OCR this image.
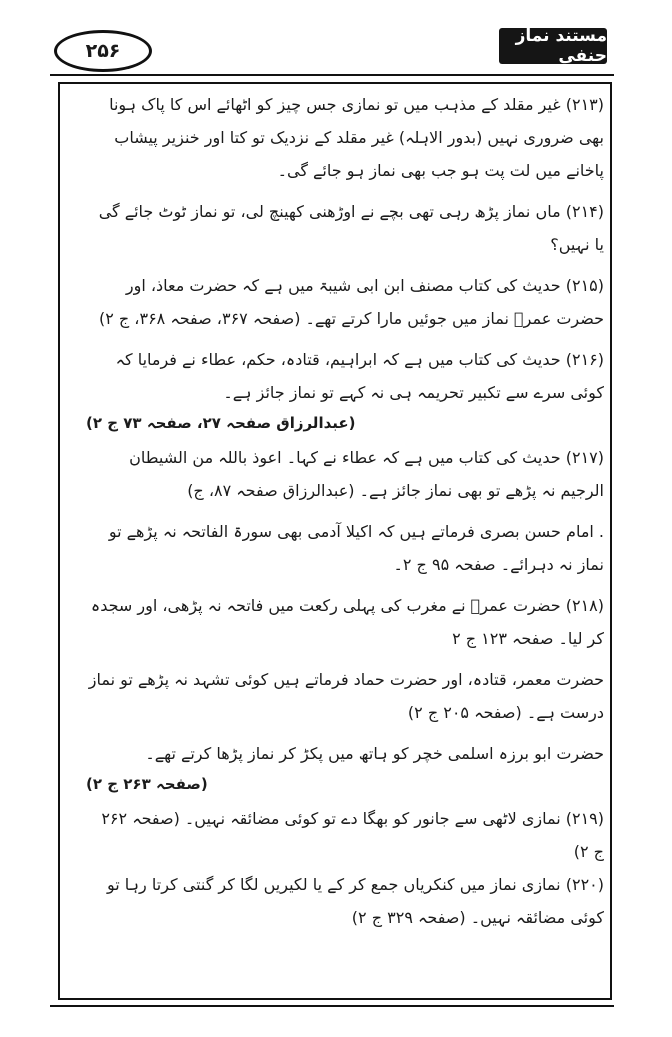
۲۵۶
مستند نماز حنفی

(۲۱۳) غیر مقلد کے مذہب میں تو نمازی جس چیز کو اٹھائے اس کا پاک ہونا بھی ضروری نہیں (بدور الاہلہ) غیر مقلد کے نزدیک تو کتا اور خنزیر پیشاب پاخانے میں لت پت ہو جب بھی نماز ہو جائے گی۔

(۲۱۴) ماں نماز پڑھ رہی تھی بچے نے اوڑھنی کھینچ لی، تو نماز ٹوٹ جائے گی یا نہیں؟

(۲۱۵) حدیث کی کتاب مصنف ابن ابی شیبۃ میں ہے کہ حضرت معاذ، اور حضرت عمرؓ نماز میں جوئیں مارا کرتے تھے۔ (صفحہ ۳۶۷، صفحہ ۳۶۸، ج ۲)

(۲۱۶) حدیث کی کتاب میں ہے کہ ابراہیم، قتادہ، حکم، عطاء نے فرمایا کہ کوئی سرے سے تکبیر تحریمہ ہی نہ کہے تو نماز جائز ہے۔

(عبدالرزاق صفحہ ۲۷، صفحہ ۷۳ ج ۲)

(۲۱۷) حدیث کی کتاب میں ہے کہ عطاء نے کہا۔ اعوذ باللہ من الشیطان الرجیم نہ پڑھے تو بھی نماز جائز ہے۔ (عبدالرزاق صفحہ ۸۷، ج)

. امام حسن بصری فرماتے ہیں کہ اکیلا آدمی بھی سورۃ الفاتحہ نہ پڑھے تو نماز نہ دہرائے۔ صفحہ ۹۵ ج ۲۔

(۲۱۸) حضرت عمرؓ نے مغرب کی پہلی رکعت میں فاتحہ نہ پڑھی، اور سجدہ کر لیا۔ صفحہ ۱۲۳ ج ۲

حضرت معمر، قتادہ، اور حضرت حماد فرماتے ہیں کوئی تشہد نہ پڑھے تو نماز درست ہے۔ (صفحہ ۲۰۵ ج ۲)

حضرت ابو برزہ اسلمی خچر کو ہاتھ میں پکڑ کر نماز پڑھا کرتے تھے۔

(صفحہ ۲۶۳ ج ۲)

(۲۱۹) نمازی لاٹھی سے جانور کو بھگا دے تو کوئی مضائقہ نہیں۔ (صفحہ ۲۶۲ ج ۲)

(۲۲۰) نمازی نماز میں کنکریاں جمع کر کے یا لکیریں لگا کر گنتی کرتا رہا تو کوئی مضائقہ نہیں۔ (صفحہ ۳۲۹ ج ۲)
